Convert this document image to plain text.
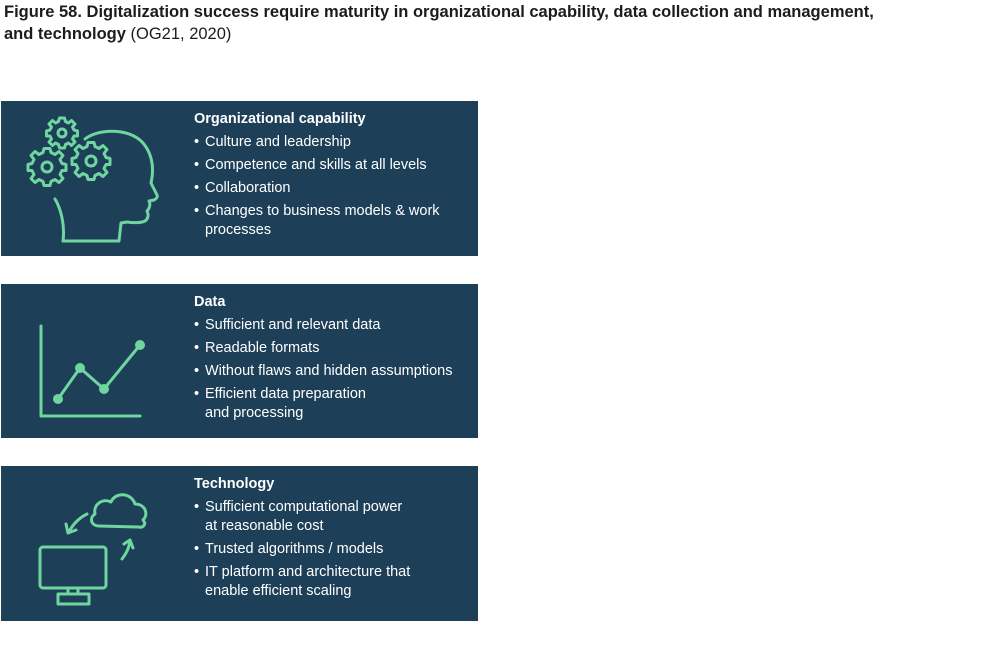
Figure 58. Digitalization success require maturity in organizational capability, data collection and management, and technology (OG21, 2020)
Organizational capability
• Culture and leadership
• Competence and skills at all levels
• Collaboration
• Changes to business models & work processes
Data
• Sufficient and relevant data
• Readable formats
• Without flaws and hidden assumptions
• Efficient data preparation and processing
Technology
• Sufficient computational power at reasonable cost
• Trusted algorithms / models
• IT platform and architecture that enable efficient scaling
